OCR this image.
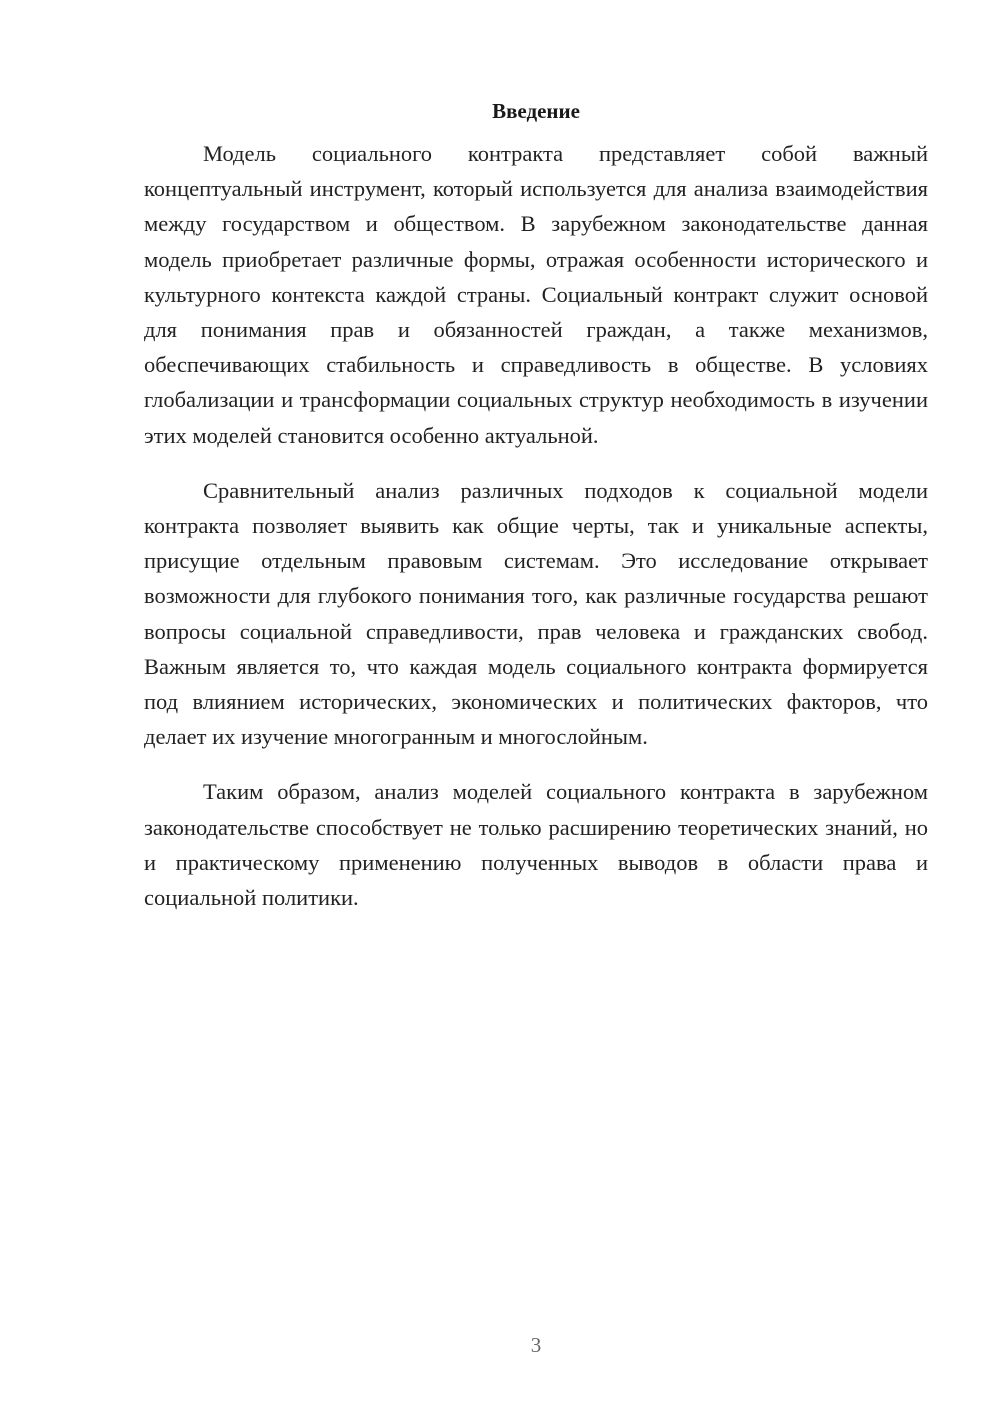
Введение

Модель социального контракта представляет собой важный концептуальный инструмент, который используется для анализа взаимодействия между государством и обществом. В зарубежном законодательстве данная модель приобретает различные формы, отражая особенности исторического и культурного контекста каждой страны. Социальный контракт служит основой для понимания прав и обязанностей граждан, а также механизмов, обеспечивающих стабильность и справедливость в обществе. В условиях глобализации и трансформации социальных структур необходимость в изучении этих моделей становится особенно актуальной.

Сравнительный анализ различных подходов к социальной модели контракта позволяет выявить как общие черты, так и уникальные аспекты, присущие отдельным правовым системам. Это исследование открывает возможности для глубокого понимания того, как различные государства решают вопросы социальной справедливости, прав человека и гражданских свобод. Важным является то, что каждая модель социального контракта формируется под влиянием исторических, экономических и политических факторов, что делает их изучение многогранным и многослойным.

Таким образом, анализ моделей социального контракта в зарубежном законодательстве способствует не только расширению теоретических знаний, но и практическому применению полученных выводов в области права и социальной политики.

3
